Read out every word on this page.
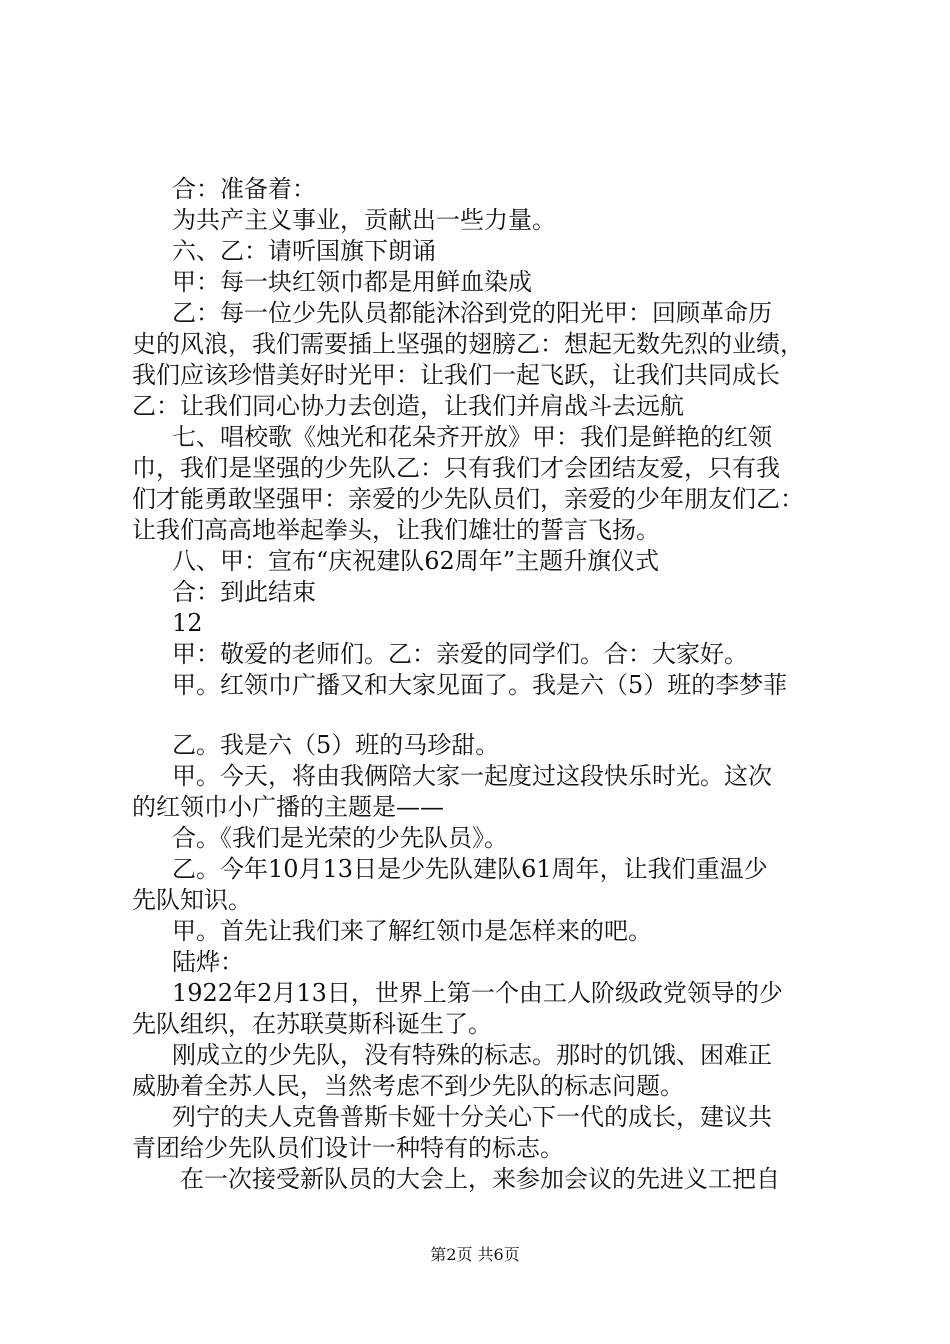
合：准备着：
为共产主义事业，贡献出一些力量。
六、乙：请听国旗下朗诵
甲：每一块红领巾都是用鲜血染成
乙：每一位少先队员都能沐浴到党的阳光甲：回顾革命历
史的风浪，我们需要插上坚强的翅膀乙：想起无数先烈的业绩，
我们应该珍惜美好时光甲：让我们一起飞跃，让我们共同成长
乙：让我们同心协力去创造，让我们并肩战斗去远航
七、唱校歌《烛光和花朵齐开放》甲：我们是鲜艳的红领
巾，我们是坚强的少先队乙：只有我们才会团结友爱，只有我
们才能勇敢坚强甲：亲爱的少先队员们，亲爱的少年朋友们乙：
让我们高高地举起拳头，让我们雄壮的誓言飞扬。
八、甲：宣布“庆祝建队62周年”主题升旗仪式
合：到此结束
12
甲：敬爱的老师们。乙：亲爱的同学们。合：大家好。
甲。红领巾广播又和大家见面了。我是六（5）班的李梦菲
乙。我是六（5）班的马珍甜。
甲。今天，将由我俩陪大家一起度过这段快乐时光。这次
的红领巾小广播的主题是——
合。《我们是光荣的少先队员》。
乙。今年10月13日是少先队建队61周年，让我们重温少
先队知识。
甲。首先让我们来了解红领巾是怎样来的吧。
陆烨：
1922年2月13日，世界上第一个由工人阶级政党领导的少
先队组织，在苏联莫斯科诞生了。
刚成立的少先队，没有特殊的标志。那时的饥饿、困难正
威胁着全苏人民，当然考虑不到少先队的标志问题。
列宁的夫人克鲁普斯卡娅十分关心下一代的成长，建议共
青团给少先队员们设计一种特有的标志。
在一次接受新队员的大会上，来参加会议的先进义工把自
第2页 共6页
